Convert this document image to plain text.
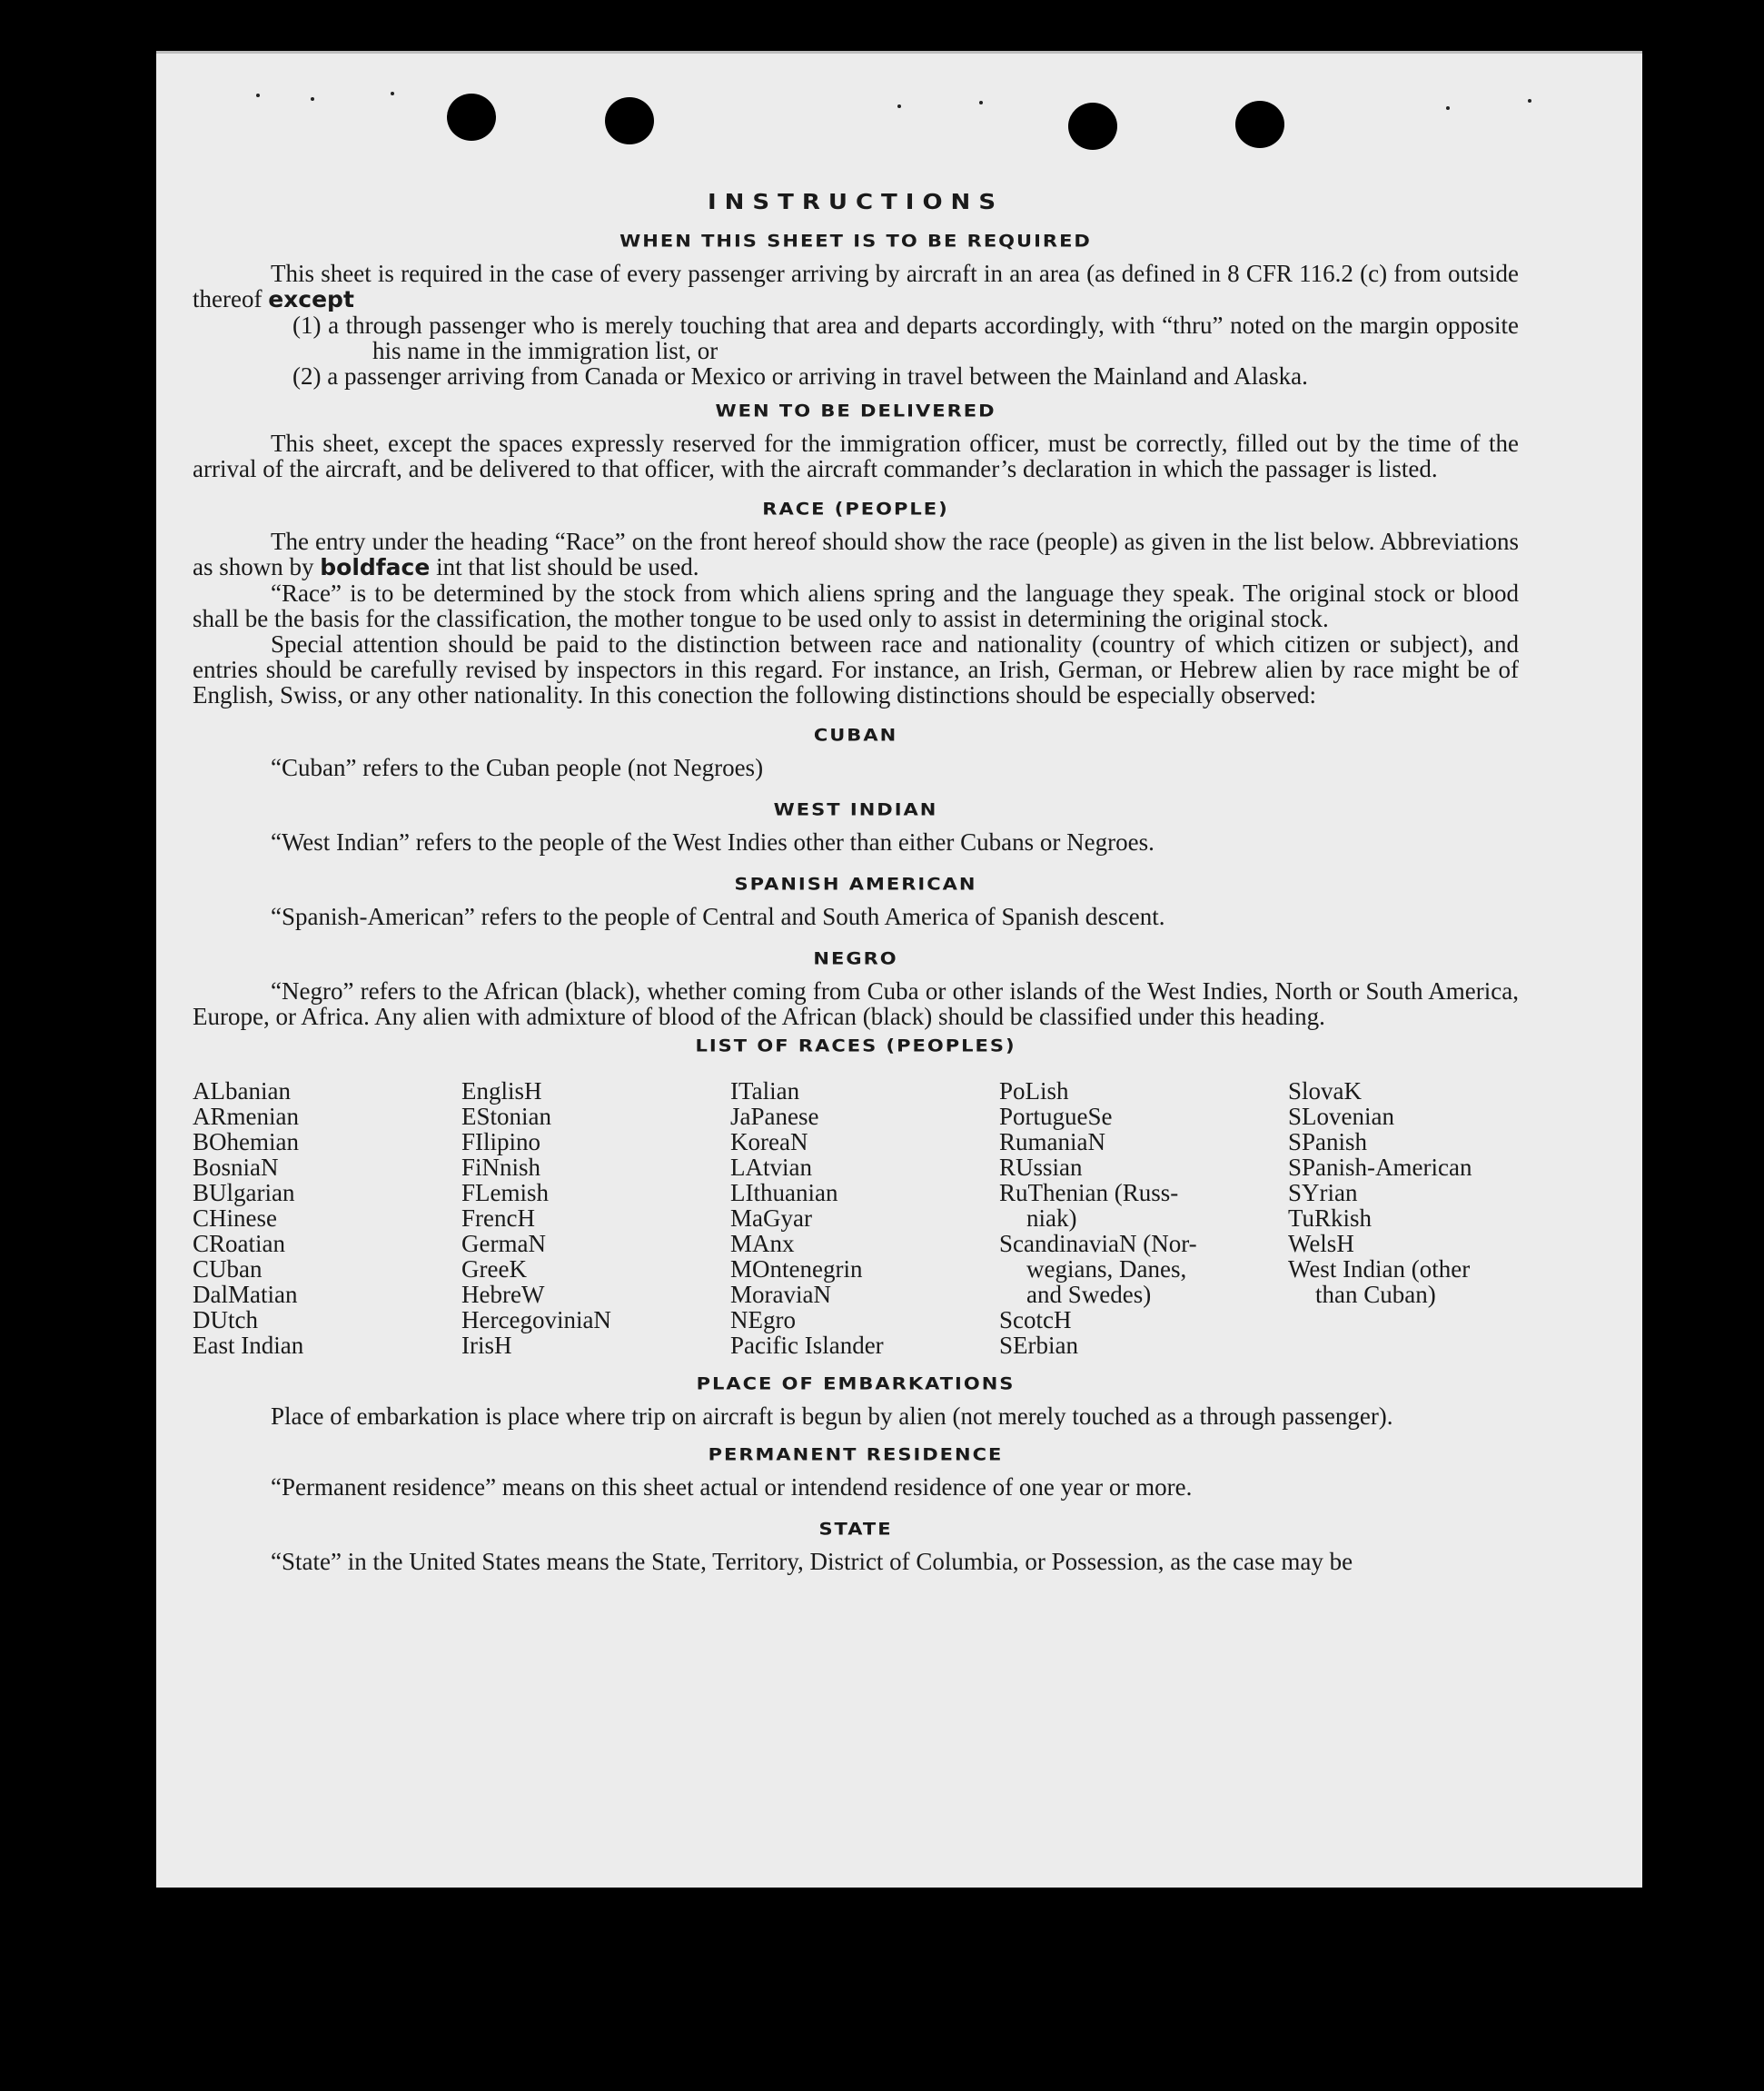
INSTRUCTIONS
WHEN THIS SHEET IS TO BE REQUIRED

This sheet is required in the case of every passenger arriving by aircraft in an area (as defined in 8 CFR 116.2 (c) from outside thereof except

(1) a through passenger who is merely touching that area and departs accordingly, with “thru” noted on the margin opposite his name in the immigration list, or

(2) a passenger arriving from Canada or Mexico or arriving in travel between the Mainland and Alaska.

WEN TO BE DELIVERED

This sheet, except the spaces expressly reserved for the immigration officer, must be correctly, filled out by the time of the arrival of the aircraft, and be delivered to that officer, with the aircraft commander’s declaration in which the passager is listed.

RACE (PEOPLE)

The entry under the heading “Race” on the front hereof should show the race (people) as given in the list below. Abbreviations as shown by boldface int that list should be used.

“Race” is to be determined by the stock from which aliens spring and the language they speak. The original stock or blood shall be the basis for the classification, the mother tongue to be used only to assist in determining the original stock.

Special attention should be paid to the distinction between race and nationality (country of which citizen or subject), and entries should be carefully revised by inspectors in this regard. For instance, an Irish, German, or Hebrew alien by race might be of English, Swiss, or any other nationality. In this conection the following distinctions should be especially observed:

CUBAN

“Cuban” refers to the Cuban people (not Negroes)

WEST INDIAN

“West Indian” refers to the people of the West Indies other than either Cubans or Negroes.

SPANISH AMERICAN

“Spanish-American” refers to the people of Central and South America of Spanish descent.

NEGRO

“Negro” refers to the African (black), whether coming from Cuba or other islands of the West Indies, North or South America, Europe, or Africa. Any alien with admixture of blood of the African (black) should be classified under this heading.

LIST OF RACES (PEOPLES)
ALbanian
ARmenian
BOhemian
BosniaN
BUlgarian
CHinese
CRoatian
CUban
DalMatian
DUtch
East Indian
EnglisH
EStonian
FIlipino
FiNnish
FLemish
FrencH
GermaN
GreeK
HebreW
HercegovinіaN
IrisH
ITalian
JaPanese
KoreaN
LAtvian
LIthuanian
MaGyar
MAnx
MOntenegrin
MoraviaN
NEgro
Pacific Islander
PoLish
PortugueSe
RumaniaN
RUssian
RuThenian (Russ-
niak)
ScandinaviaN (Nor-
wegians, Danes,
and Swedes)
ScotcH
SErbian
SlovaK
SLovenian
SPanish
SPanish-American
SYrian
TuRkish
WelsH
West Indian (other
than Cuban)
PLACE OF EMBARKATIONS

Place of embarkation is place where trip on aircraft is begun by alien (not merely touched as a through passenger).

PERMANENT RESIDENCE

“Permanent residence” means on this sheet actual or intendend residence of one year or more.

STATE

“State” in the United States means the State, Territory, District of Columbia, or Possession, as the case may be
